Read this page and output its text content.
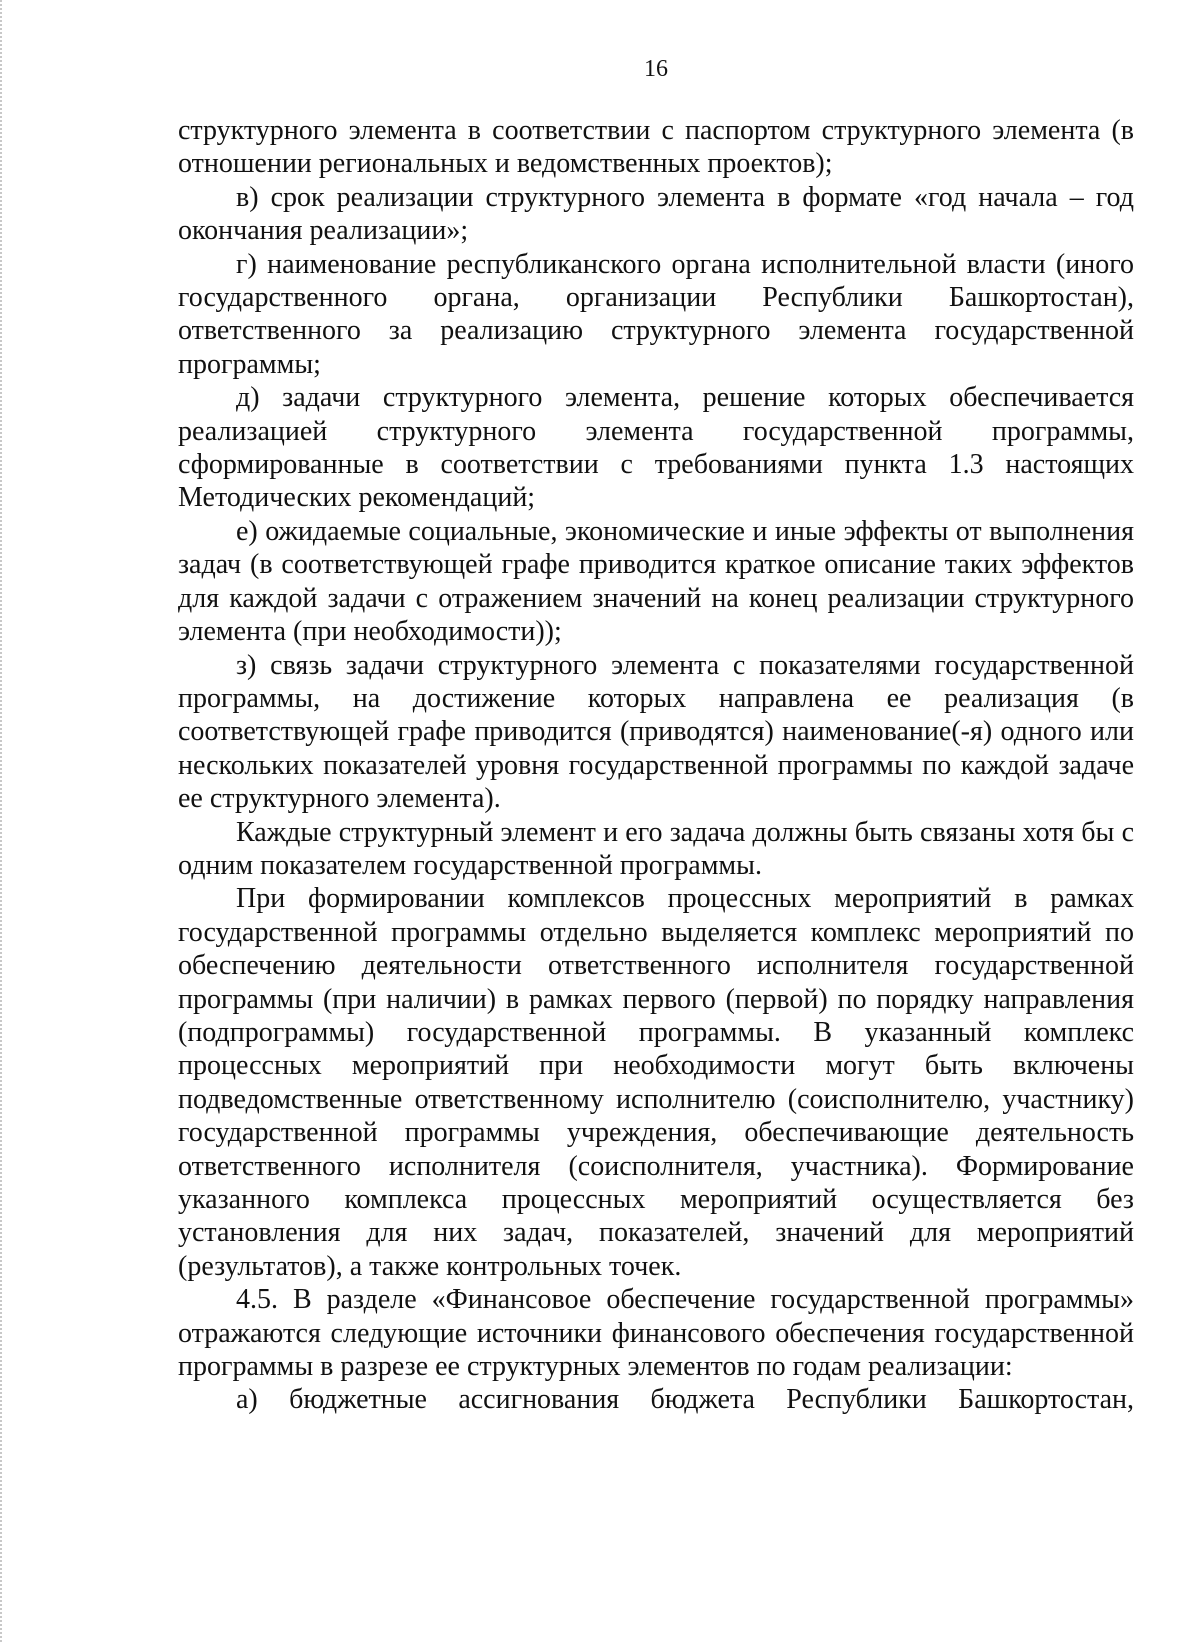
16

структурного элемента в соответствии с паспортом структурного элемента (в отношении региональных и ведомственных проектов);

в) срок реализации структурного элемента в формате «год начала – год окончания реализации»;

г) наименование республиканского органа исполнительной власти (иного государственного органа, организации Республики Башкортостан), ответственного за реализацию структурного элемента государственной программы;

д) задачи структурного элемента, решение которых обеспечивается реализацией структурного элемента государственной программы, сформированные в соответствии с требованиями пункта 1.3 настоящих Методических рекомендаций;

е) ожидаемые социальные, экономические и иные эффекты от выполнения задач (в соответствующей графе приводится краткое описание таких эффектов для каждой задачи с отражением значений на конец реализации структурного элемента (при необходимости));

з) связь задачи структурного элемента с показателями государственной программы, на достижение которых направлена ее реализация (в соответствующей графе приводится (приводятся) наименование(-я) одного или нескольких показателей уровня государственной программы по каждой задаче ее структурного элемента).

Каждые структурный элемент и его задача должны быть связаны хотя бы с одним показателем государственной программы.

При формировании комплексов процессных мероприятий в рамках государственной программы отдельно выделяется комплекс мероприятий по обеспечению деятельности ответственного исполнителя государственной программы (при наличии) в рамках первого (первой) по порядку направления (подпрограммы) государственной программы. В указанный комплекс процессных мероприятий при необходимости могут быть включены подведомственные ответственному исполнителю (соисполнителю, участнику) государственной программы учреждения, обеспечивающие деятельность ответственного исполнителя (соисполнителя, участника). Формирование указанного комплекса процессных мероприятий осуществляется без установления для них задач, показателей, значений для мероприятий (результатов), а также контрольных точек.

4.5. В разделе «Финансовое обеспечение государственной программы» отражаются следующие источники финансового обеспечения государственной программы в разрезе ее структурных элементов по годам реализации:

а) бюджетные ассигнования бюджета Республики Башкортостан,
